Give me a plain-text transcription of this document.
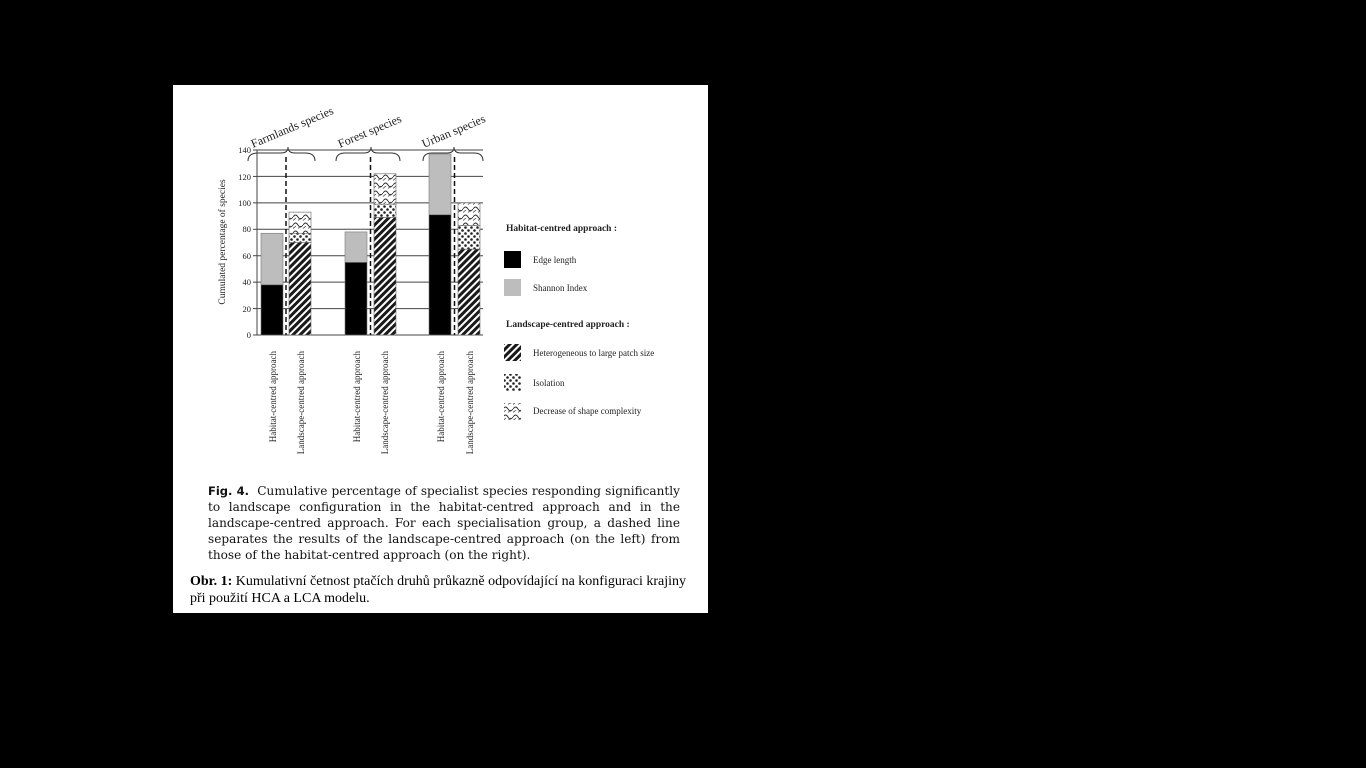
Farmlands species Forest species Urban species
Cumulated percentage of species
0
20
40
60
80
100
120
140
Habitat-centred approach Landscape-centred approach	Habitat-centred approach Landscape-centred approach	Habitat-centred approach Landscape-centred approach
Habitat-centred approach :
Edge length
Shannon Index
Landscape-centred approach :
Heterogeneous to large patch size
Isolation
Decrease of shape complexity

Fig. 4. Cumulative percentage of specialist species responding significantly to landscape configuration in the habitat-centred approach and in the landscape-centred approach. For each specialisation group, a dashed line separates the results of the landscape-centred approach (on the left) from those of the habitat-centred approach (on the right).

Obr. 1: Kumulativní četnost ptačích druhů průkazně odpovídající na konfiguraci krajiny při použití HCA a LCA modelu.
